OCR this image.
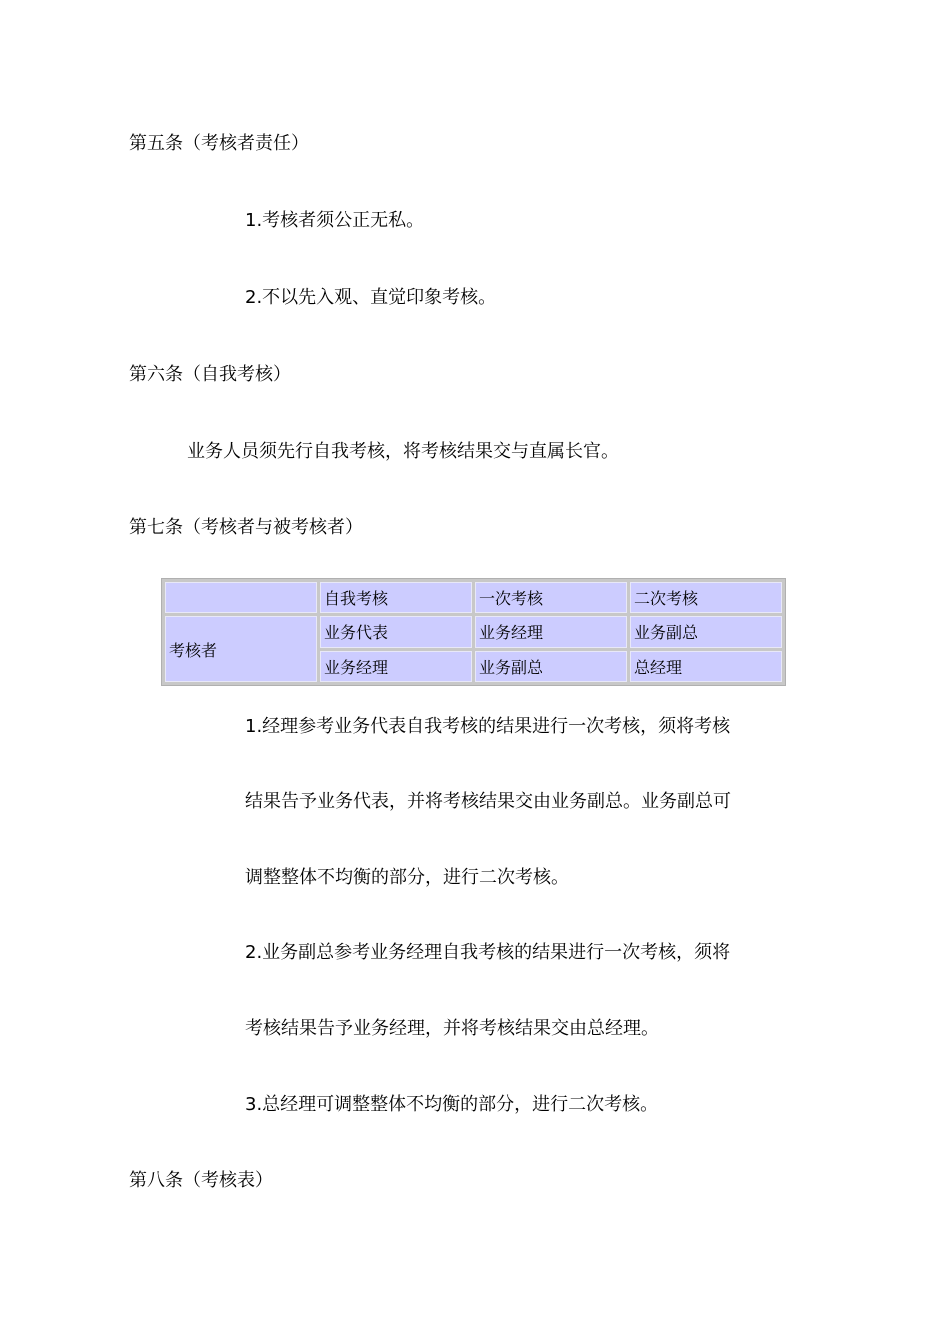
第五条（考核者责任）
1.考核者须公正无私。
2.不以先入观、直觉印象考核。
第六条（自我考核）
业务人员须先行自我考核，将考核结果交与直属长官。
第七条（考核者与被考核者）
	自我考核	一次考核	二次考核
考核者	业务代表	业务经理	业务副总
	业务经理	业务副总	总经理
1.经理参考业务代表自我考核的结果进行一次考核，须将考核
结果告予业务代表，并将考核结果交由业务副总。业务副总可
调整整体不均衡的部分，进行二次考核。
2.业务副总参考业务经理自我考核的结果进行一次考核，须将
考核结果告予业务经理，并将考核结果交由总经理。
3.总经理可调整整体不均衡的部分，进行二次考核。
第八条（考核表）
